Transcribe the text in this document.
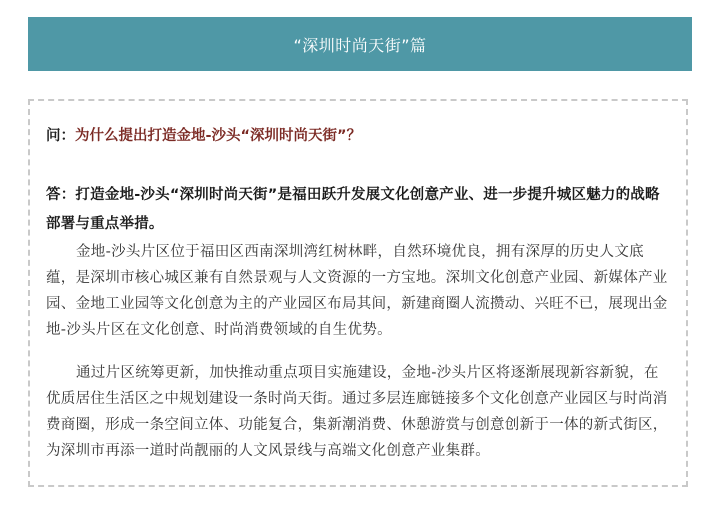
“深圳时尚天街”篇
问：为什么提出打造金地-沙头“深圳时尚天街”？
答：打造金地-沙头“深圳时尚天街”是福田跃升发展文化创意产业、进一步提升城区魅力的战略部署与重点举措。
金地-沙头片区位于福田区西南深圳湾红树林畔，自然环境优良，拥有深厚的历史人文底蕴，是深圳市核心城区兼有自然景观与人文资源的一方宝地。深圳文化创意产业园、新媒体产业园、金地工业园等文化创意为主的产业园区布局其间，新建商圈人流攒动、兴旺不已，展现出金地-沙头片区在文化创意、时尚消费领域的自生优势。
通过片区统筹更新，加快推动重点项目实施建设，金地-沙头片区将逐渐展现新容新貌，在优质居住生活区之中规划建设一条时尚天街。通过多层连廊链接多个文化创意产业园区与时尚消费商圈，形成一条空间立体、功能复合，集新潮消费、休憩游赏与创意创新于一体的新式街区，为深圳市再添一道时尚靓丽的人文风景线与高端文化创意产业集群。
